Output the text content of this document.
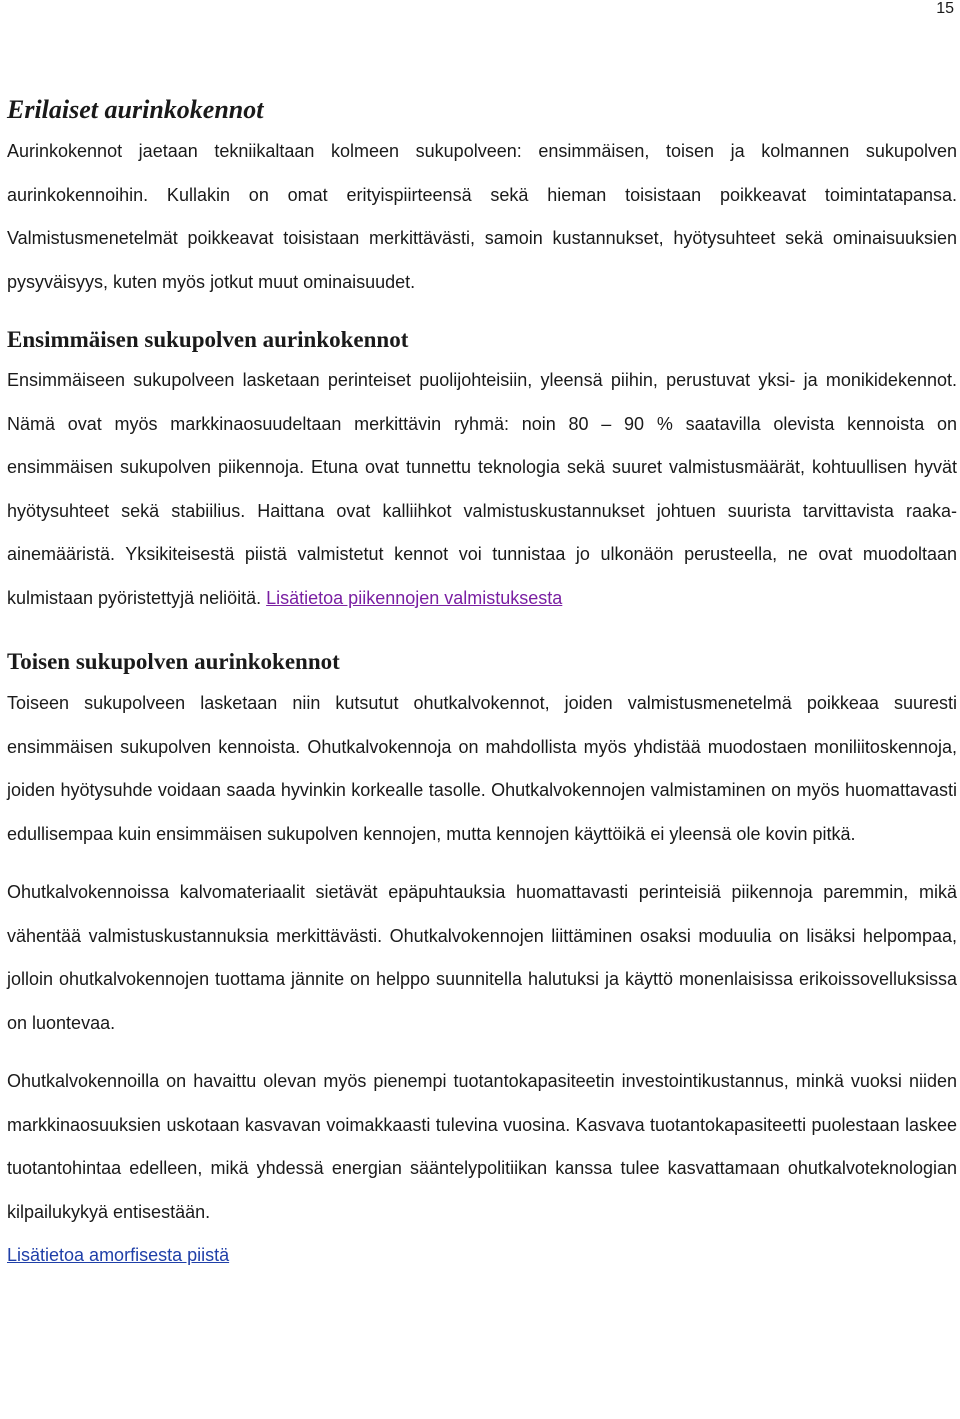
15
Erilaiset aurinkokennot

Aurinkokennot jaetaan tekniikaltaan kolmeen sukupolveen: ensimmäisen, toisen ja kolmannen sukupolven aurinkokennoihin. Kullakin on omat erityispiirteensä sekä hieman toisistaan poikkeavat toimintatapansa. Valmistusmenetelmät poikkeavat toisistaan merkittävästi, samoin kustannukset, hyötysuhteet sekä ominaisuuksien pysyväisyys, kuten myös jotkut muut ominaisuudet.

Ensimmäisen sukupolven aurinkokennot

Ensimmäiseen sukupolveen lasketaan perinteiset puolijohteisiin, yleensä piihin, perustuvat yksi- ja monikidekennot. Nämä ovat myös markkinaosuudeltaan merkittävin ryhmä: noin 80 – 90 % saatavilla olevista kennoista on ensimmäisen sukupolven piikennoja. Etuna ovat tunnettu teknologia sekä suuret valmistusmäärät, kohtuullisen hyvät hyötysuhteet sekä stabiilius. Haittana ovat kalliihkot valmistuskustannukset johtuen suurista tarvittavista raaka-ainemääristä. Yksikiteisestä piistä valmistetut kennot voi tunnistaa jo ulkonäön perusteella, ne ovat muodoltaan kulmistaan pyöristettyjä neliöitä. Lisätietoa piikennojen valmistuksesta

Toisen sukupolven aurinkokennot

Toiseen sukupolveen lasketaan niin kutsutut ohutkalvokennot, joiden valmistusmenetelmä poikkeaa suuresti ensimmäisen sukupolven kennoista. Ohutkalvokennoja on mahdollista myös yhdistää muodostaen moniliitoskennoja, joiden hyötysuhde voidaan saada hyvinkin korkealle tasolle. Ohutkalvokennojen valmistaminen on myös huomattavasti edullisempaa kuin ensimmäisen sukupolven kennojen, mutta kennojen käyttöikä ei yleensä ole kovin pitkä.

Ohutkalvokennoissa kalvomateriaalit sietävät epäpuhtauksia huomattavasti perinteisiä piikennoja paremmin, mikä vähentää valmistuskustannuksia merkittävästi. Ohutkalvokennojen liittäminen osaksi moduulia on lisäksi helpompaa, jolloin ohutkalvokennojen tuottama jännite on helppo suunnitella halutuksi ja käyttö monenlaisissa erikoissovelluksissa on luontevaa.

Ohutkalvokennoilla on havaittu olevan myös pienempi tuotantokapasiteetin investointikustannus, minkä vuoksi niiden markkinaosuuksien uskotaan kasvavan voimakkaasti tulevina vuosina. Kasvava tuotantokapasiteetti puolestaan laskee tuotantohintaa edelleen, mikä yhdessä energian sääntelypolitiikan kanssa tulee kasvattamaan ohutkalvoteknologian kilpailukykyä entisestään.

Lisätietoa amorfisesta piistä
